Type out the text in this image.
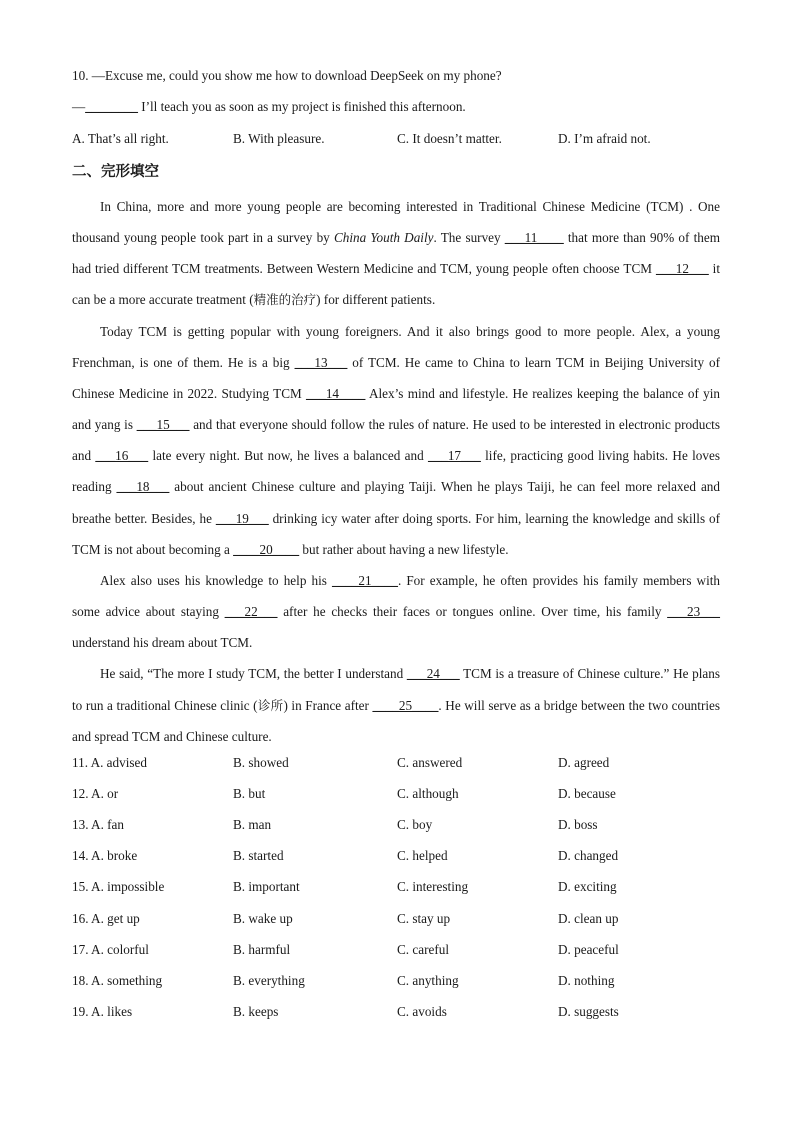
10. —Excuse me, could you show me how to download DeepSeek on my phone?
—________ I’ll teach you as soon as my project is finished this afternoon.
A. That’s all right.	B. With pleasure.	C. It doesn’t matter.	D. I’m afraid not.
二、完形填空

In China, more and more young people are becoming interested in Traditional Chinese Medicine (TCM) . One thousand young people took part in a survey by China Youth Daily. The survey ___11____ that more than 90% of them had tried different TCM treatments. Between Western Medicine and TCM, young people often choose TCM ___12___ it can be a more accurate treatment (精准的治疗) for different patients.

Today TCM is getting popular with young foreigners. And it also brings good to more people. Alex, a young Frenchman, is one of them. He is a big ___13___ of TCM. He came to China to learn TCM in Beijing University of Chinese Medicine in 2022. Studying TCM ___14____ Alex’s mind and lifestyle. He realizes keeping the balance of yin and yang is ___15___ and that everyone should follow the rules of nature. He used to be interested in electronic products and ___16___ late every night. But now, he lives a balanced and ___17___ life, practicing good living habits. He loves reading ___18___ about ancient Chinese culture and playing Taiji. When he plays Taiji, he can feel more relaxed and breathe better. Besides, he ___19___ drinking icy water after doing sports. For him, learning the knowledge and skills of TCM is not about becoming a ____20____ but rather about having a new lifestyle.

Alex also uses his knowledge to help his ____21____. For example, he often provides his family members with some advice about staying ___22___ after he checks their faces or tongues online. Over time, his family ___23___ understand his dream about TCM.

He said, “The more I study TCM, the better I understand ___24___ TCM is a treasure of Chinese culture.” He plans to run a traditional Chinese clinic (诊所) in France after ____25____. He will serve as a bridge between the two countries and spread TCM and Chinese culture.

11. A. advised	B. showed	C. answered	D. agreed
12. A. or	B. but	C. although	D. because
13. A. fan	B. man	C. boy	D. boss
14. A. broke	B. started	C. helped	D. changed
15. A. impossible	B. important	C. interesting	D. exciting
16. A. get up	B. wake up	C. stay up	D. clean up
17. A. colorful	B. harmful	C. careful	D. peaceful
18. A. something	B. everything	C. anything	D. nothing
19. A. likes	B. keeps	C. avoids	D. suggests
